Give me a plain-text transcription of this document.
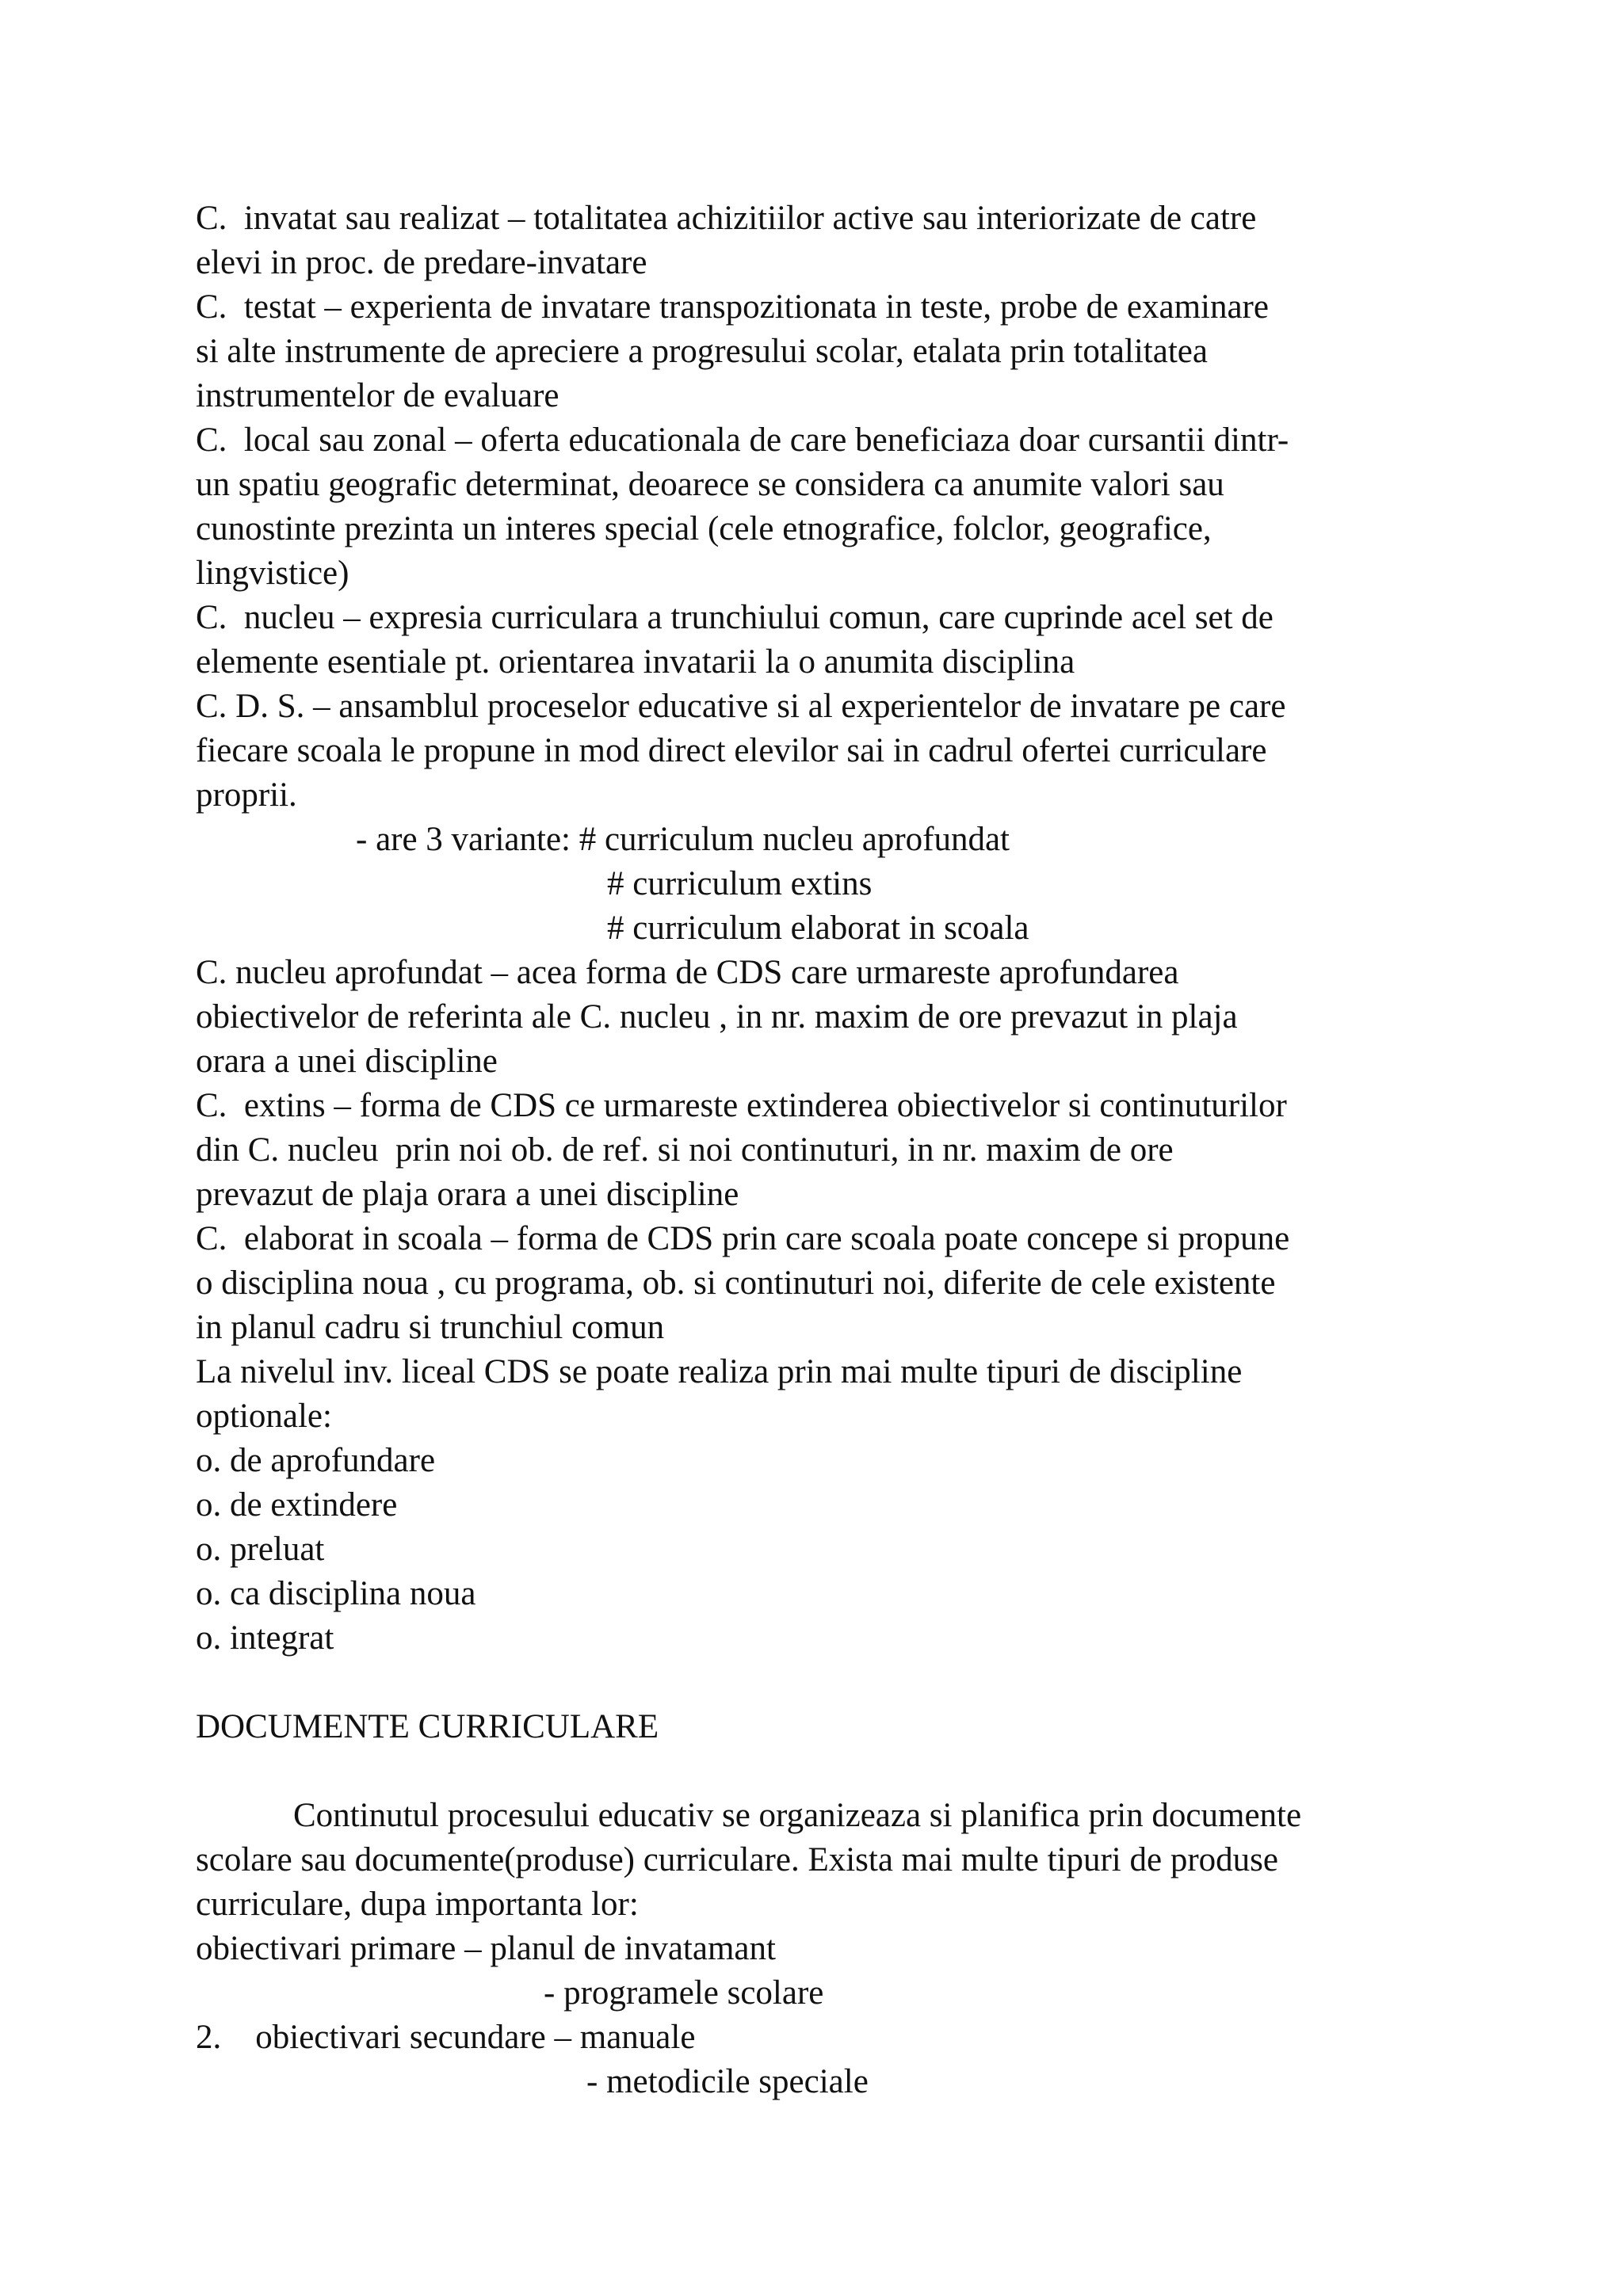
C.  invatat sau realizat – totalitatea achizitiilor active sau interiorizate de catre
elevi in proc. de predare-invatare
C.  testat – experienta de invatare transpozitionata in teste, probe de examinare
si alte instrumente de apreciere a progresului scolar, etalata prin totalitatea
instrumentelor de evaluare
C.  local sau zonal – oferta educationala de care beneficiaza doar cursantii dintr-
un spatiu geografic determinat, deoarece se considera ca anumite valori sau
cunostinte prezinta un interes special (cele etnografice, folclor, geografice,
lingvistice)
C.  nucleu – expresia curriculara a trunchiului comun, care cuprinde acel set de
elemente esentiale pt. orientarea invatarii la o anumita disciplina
C. D. S. – ansamblul proceselor educative si al experientelor de invatare pe care
fiecare scoala le propune in mod direct elevilor sai in cadrul ofertei curriculare
proprii.
- are 3 variante: # curriculum nucleu aprofundat
# curriculum extins
# curriculum elaborat in scoala
C. nucleu aprofundat – acea forma de CDS care urmareste aprofundarea
obiectivelor de referinta ale C. nucleu , in nr. maxim de ore prevazut in plaja
orara a unei discipline
C.  extins – forma de CDS ce urmareste extinderea obiectivelor si continuturilor
din C. nucleu  prin noi ob. de ref. si noi continuturi, in nr. maxim de ore
prevazut de plaja orara a unei discipline
C.  elaborat in scoala – forma de CDS prin care scoala poate concepe si propune
o disciplina noua , cu programa, ob. si continuturi noi, diferite de cele existente
in planul cadru si trunchiul comun
La nivelul inv. liceal CDS se poate realiza prin mai multe tipuri de discipline
optionale:
o. de aprofundare
o. de extindere
o. preluat
o. ca disciplina noua
o. integrat
DOCUMENTE CURRICULARE
Continutul procesului educativ se organizeaza si planifica prin documente
scolare sau documente(produse) curriculare. Exista mai multe tipuri de produse
curriculare, dupa importanta lor:
obiectivari primare – planul de invatamant
- programele scolare
2.    obiectivari secundare – manuale
- metodicile speciale
